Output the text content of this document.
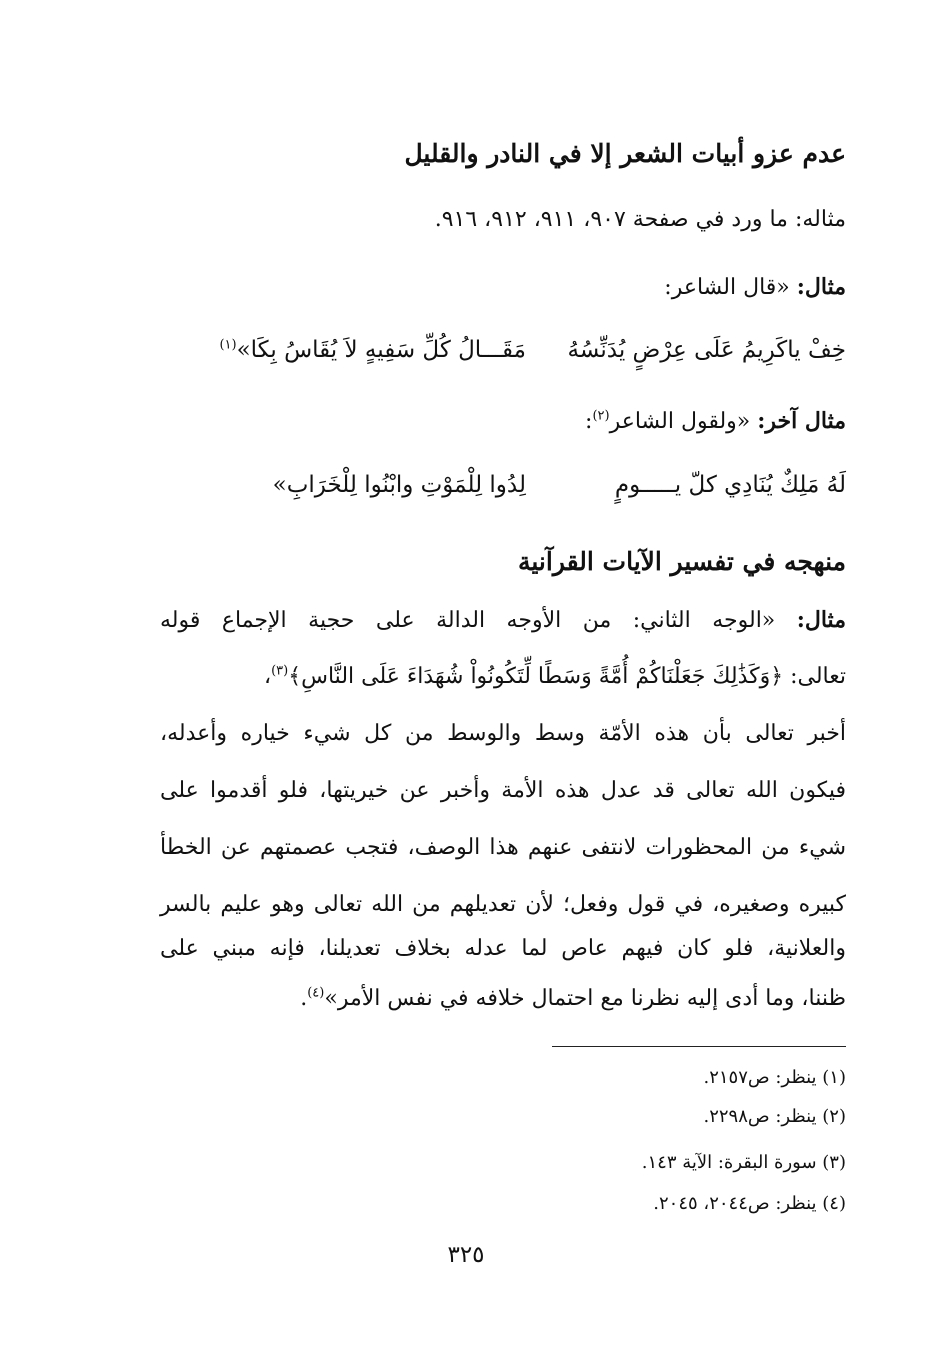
عدم عزو أبيات الشعر إلا في النادر والقليل
مثاله: ما ورد في صفحة ٩٠٧، ٩١١، ٩١٢، ٩١٦.
مثال: «قال الشاعر:
خِفْ ياكَرِيمُ عَلَى عِرْضٍ يُدَنِّسُهُ
مَقَـــالُ كُلِّ سَفِيهٍ لاَ يُقَاسُ بِكَا»$^{(١)}$
مثال آخر: «ولقول الشاعر$^{(٢)}$:
لَهُ مَلِكٌ يُنَادِي كلّ يـــــومٍ
لِدُوا لِلْمَوْتِ وابْنُوا لِلْخَرَابِ»
منهجه في تفسير الآيات القرآنية
مثال: «الوجه الثاني: من الأوجه الدالة على حجية الإجماع قوله
تعالى: ﴿وَكَذَٰلِكَ جَعَلْنَاكُمْ أُمَّةً وَسَطًا لِّتَكُونُواْ شُهَدَاءَ عَلَى النَّاسِ﴾$^{(٣)}$،
أخبر تعالى بأن هذه الأمّة وسط والوسط من كل شيء خياره وأعدله،
فيكون الله تعالى قد عدل هذه الأمة وأخبر عن خيريتها، فلو أقدموا على
شيء من المحظورات لانتفى عنهم هذا الوصف، فتجب عصمتهم عن الخطأ
كبيره وصغيره، في قول وفعل؛ لأن تعديلهم من الله تعالى وهو عليم بالسر
والعلانية، فلو كان فيهم عاص لما عدله بخلاف تعديلنا، فإنه مبني على
ظننا، وما أدى إليه نظرنا مع احتمال خلافه في نفس الأمر»$^{(٤)}$.
(١) ينظر: ص٢١٥٧.
(٢) ينظر: ص٢٢٩٨.
(٣) سورة البقرة: الآية ١٤٣.
(٤) ينظر: ص٢٠٤٤، ٢٠٤٥.
٣٢٥
